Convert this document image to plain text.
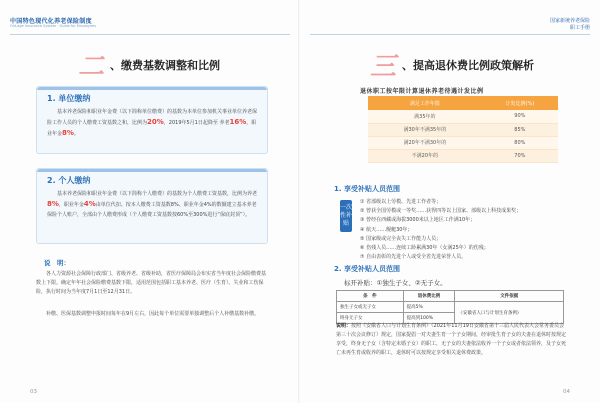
中国特色现代化养老保险制度
Old-age Insurance System · Guide for Employees
二 、缴费基数调整和比例
1. 单位缴纳
基本养老保险和职业年金费（以下简称单位缴费）的基数为本单位参加机关事业单位养老保险工作人员的个人缴费工资基数之和，比例为20%，2019年5月1日起降至 养老16%，职业年金8%。
2. 个人缴纳
基本养老保险和职业年金费（以下简称个人缴费）的基数为个人缴费工资基数，比例为养老8%，职业年金4%由单位代扣。按本人缴费工资基数8%、职业年金4%的数额建立基本养老保险个人账户，全部由个人缴费形成（个人缴费工资基数按60%至300%进行“保底封顶”）。
说　明：
各人力资源社会保障行政部门、省级养老、省级补助，省医疗保障局会布实省当年度社会保险缴费基数上下限。确定年年社会保险缴费基数下限，适用范围包括职工基本养老、医疗（生育）、失业和工伤保险，执行时间为当年度7月1日至12月31日。
补缴、医保基数调整申报时间每年在9月左右，因此每个单位需要单独调整后个人补缴基数补缴。
03
国家新统养老保险
职工手册
三 、提高退休费比例政策解析
退休职工按年限计算退休养老待遇计发比例
满足工作年限	计发比例(%)
满35年的	90%
满30年不满35年的	85%
满20年不满30年的	80%
不满20年的	70%
1. 享受补贴人员范围
一次性补贴
① 省部级以上劳模、先进工作者等；
② 曾获全国劳模或一等奖……获得四等以上国家、部级以上科技成果奖；
③ 曾经在西藏或海拔3000米以上地区工作满10年；
④ 航天……舰艇30年；
⑤ 国家级或完全丧失工作能力人员；
⑥ 伤残人员……连续工龄累满30年（女满25年）的伤残；
⑦ 自由表彰的先进个人或受全省先进荣誉人员。
2. 享受补贴人员范围
标开补贴：①独生子女、②无子女。
条　件	退休费比例	文件依据
独生子女或无子女	提高5%	《安徽省人口与计划生育条例》
终身无子女	提高到100%	
说明：按照《安徽省人口与计划生育条例》（2021年11月19日安徽省第十三届人民代表大会常务委员会第三十次会议修订）规定，国家提倡一对夫妻生育一个子女期间，经审批生育子女的夫妻在退休时按规定享受，终身无子女（含特定未婚子女）的职工，无子女的夫妻依法收养一个子女或者依法领养，及子女死亡未再生育或收养的职工，退休时可以按规定享受相关退休费政策。
04
